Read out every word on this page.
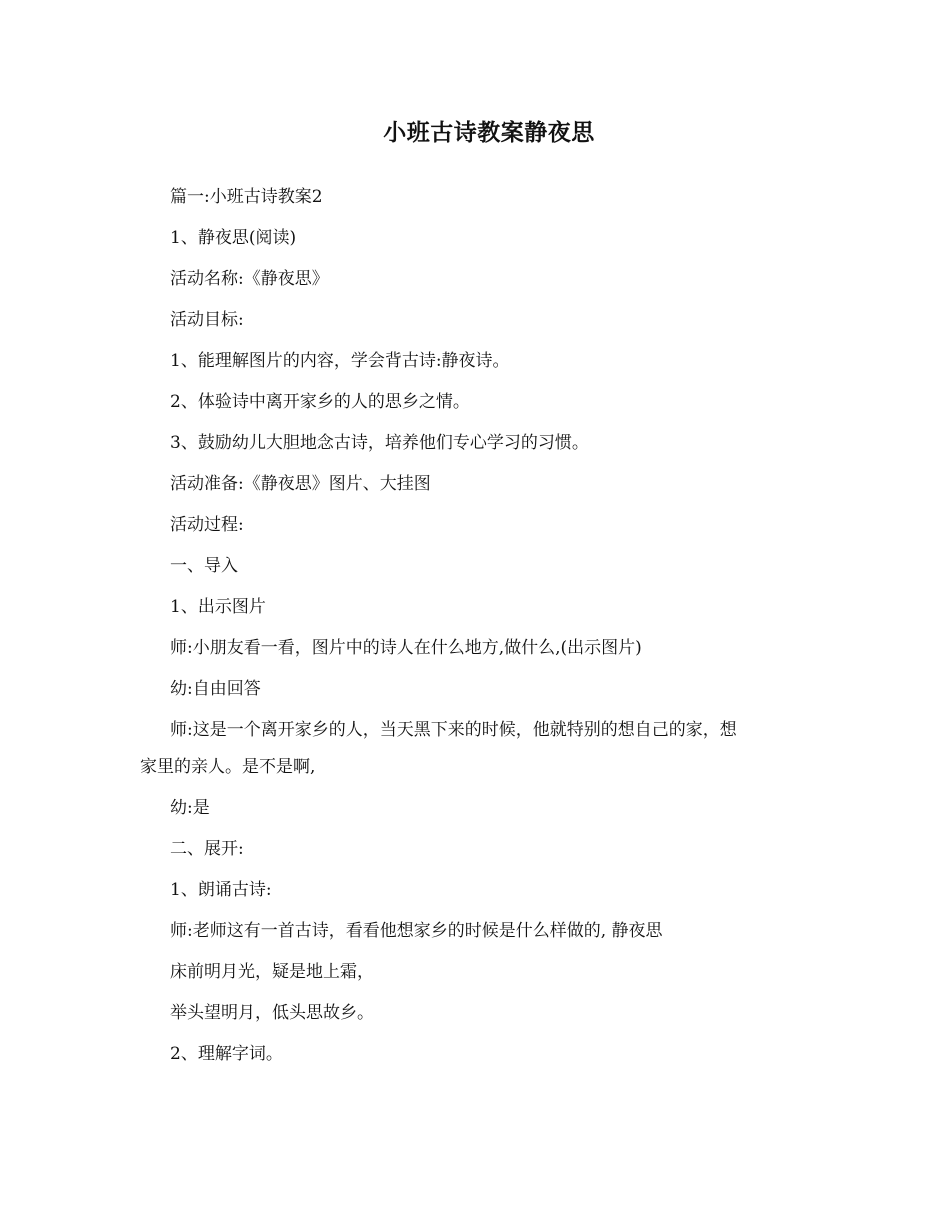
小班古诗教案静夜思

篇一:小班古诗教案2

1、静夜思(阅读)

活动名称:《静夜思》

活动目标:

1、能理解图片的内容，学会背古诗:静夜诗。

2、体验诗中离开家乡的人的思乡之情。

3、鼓励幼儿大胆地念古诗，培养他们专心学习的习惯。

活动准备:《静夜思》图片、大挂图

活动过程:

一、导入

1、出示图片

师:小朋友看一看，图片中的诗人在什么地方,做什么,(出示图片)

幼:自由回答

师:这是一个离开家乡的人，当天黑下来的时候，他就特别的想自己的家，想
家里的亲人。是不是啊,

幼:是

二、展开:

1、朗诵古诗:

师:老师这有一首古诗，看看他想家乡的时候是什么样做的, 静夜思

床前明月光，疑是地上霜，

举头望明月，低头思故乡。

2、理解字词。
